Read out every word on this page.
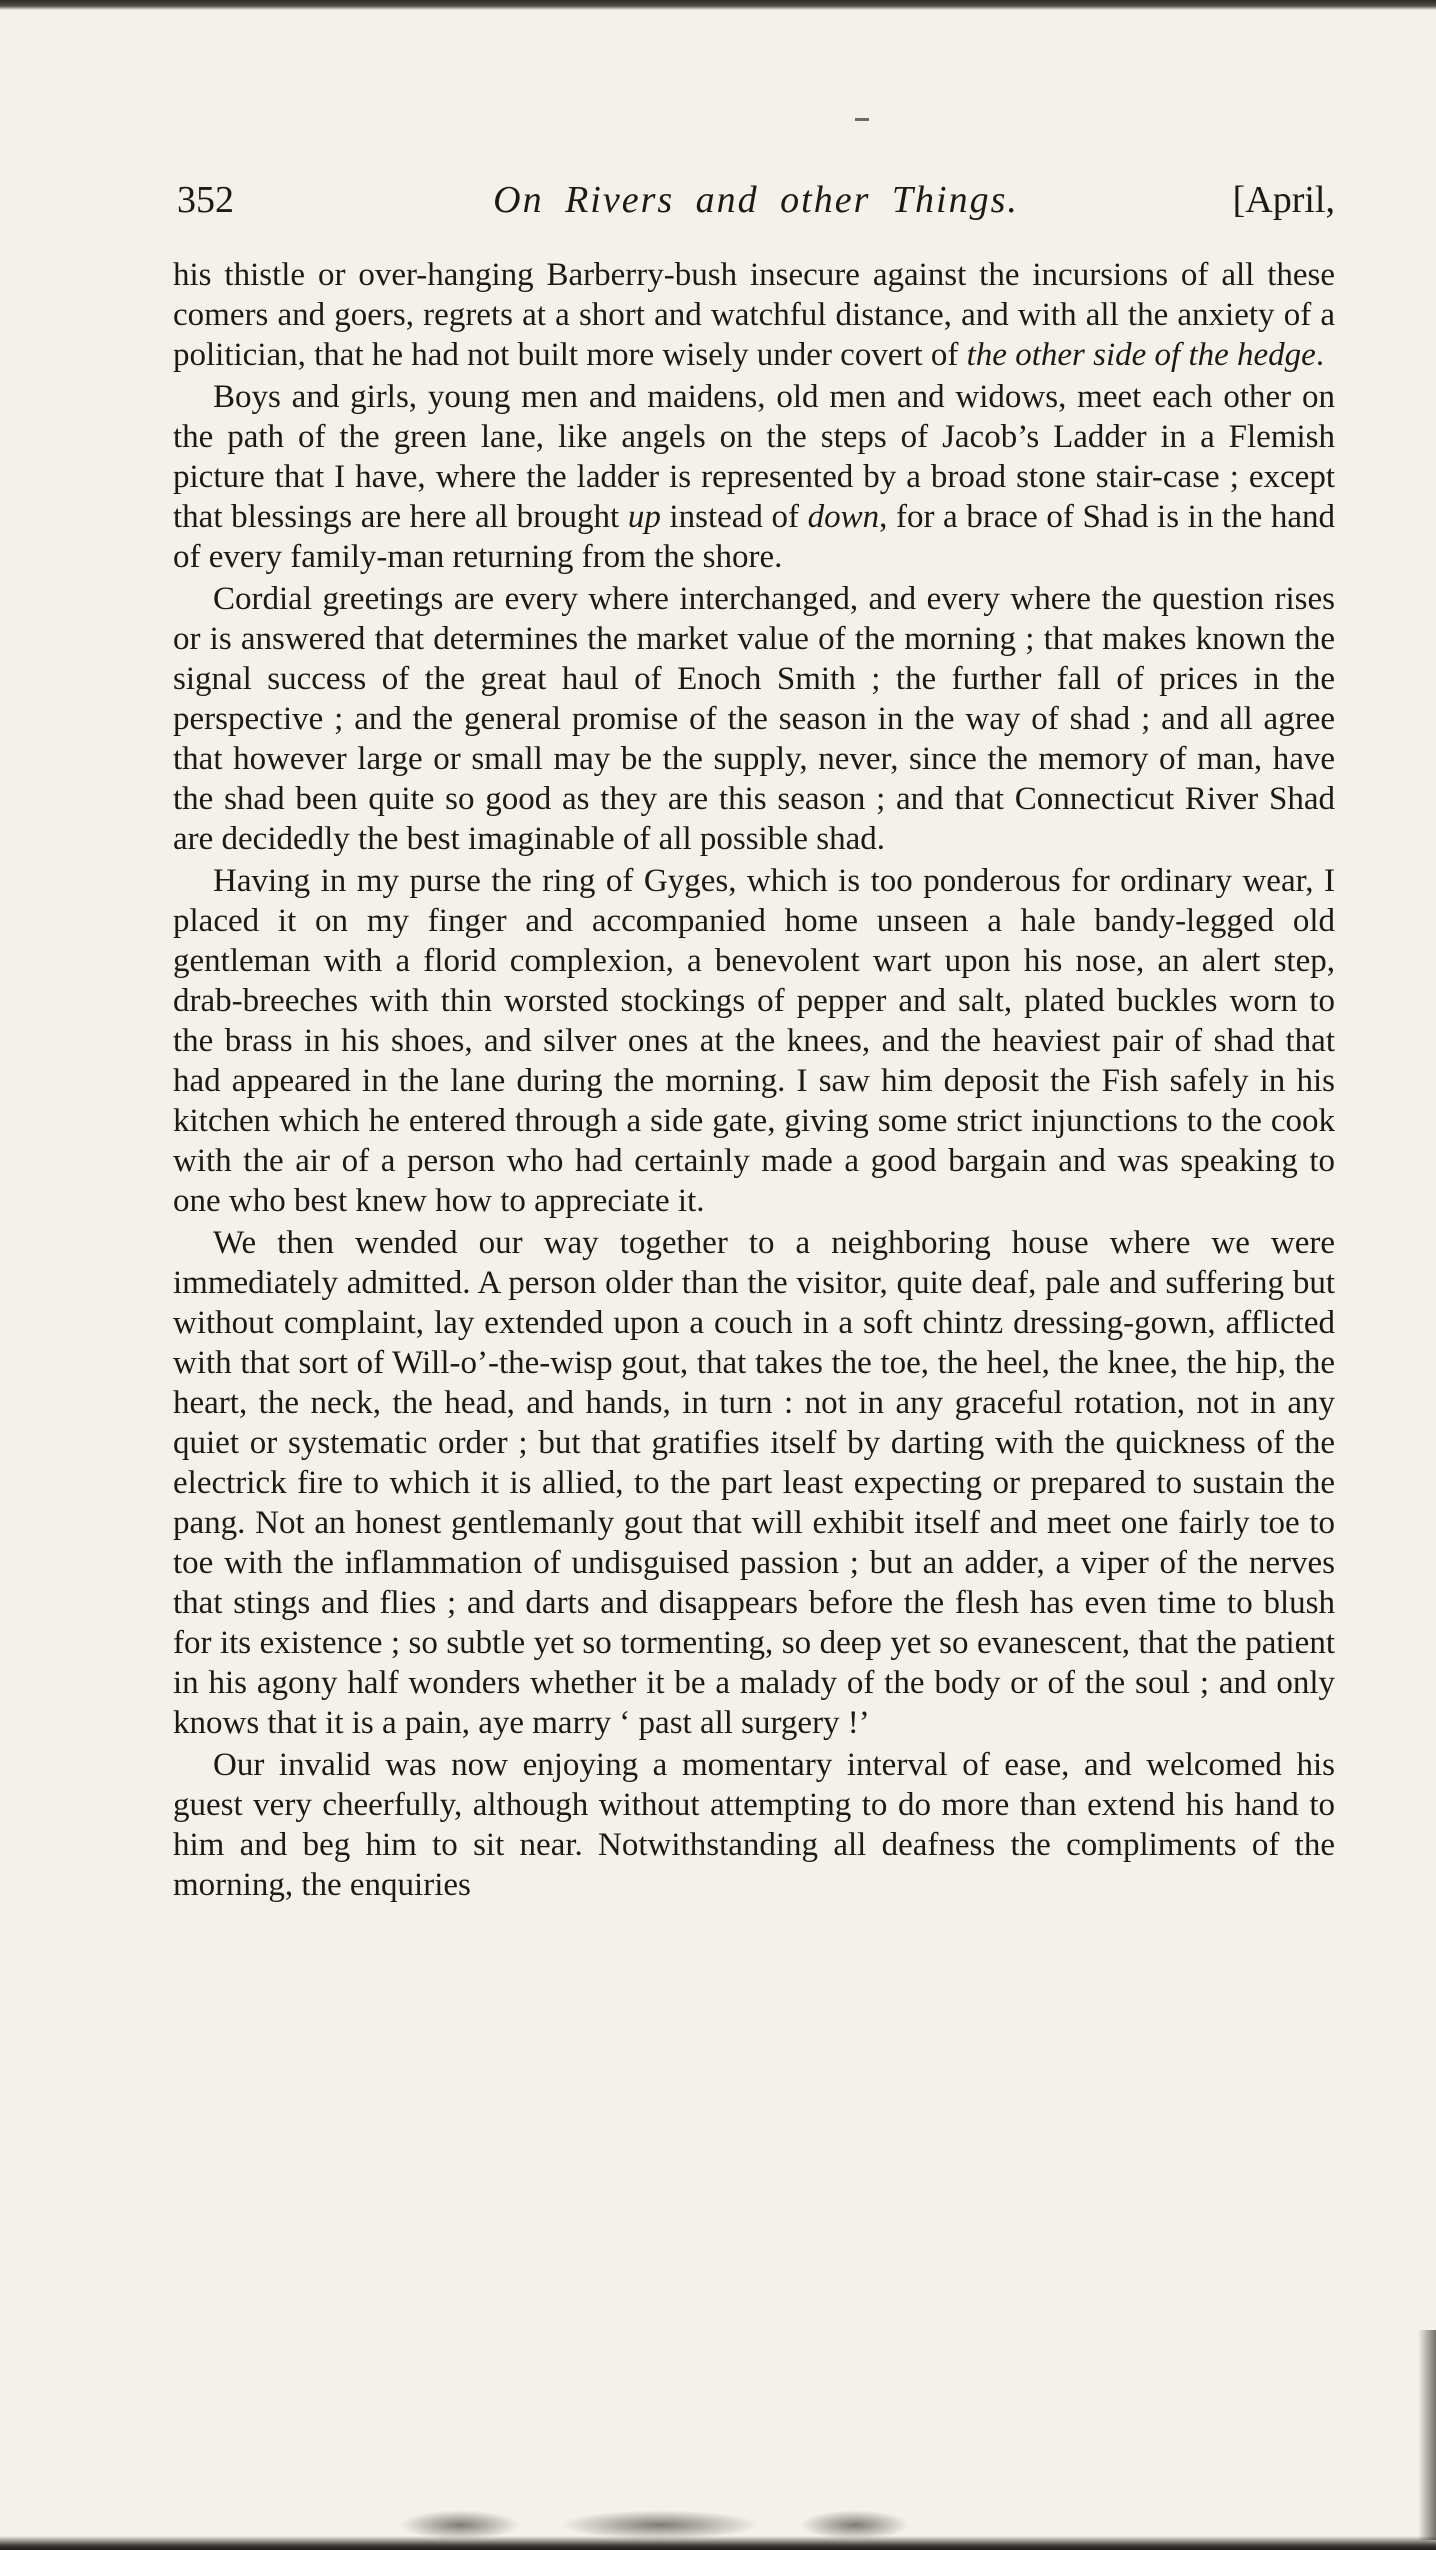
352	On Rivers and other Things.	[April,

his thistle or over-hanging Barberry-bush insecure against the incursions of all these comers and goers, regrets at a short and watchful distance, and with all the anxiety of a politician, that he had not built more wisely under covert of the other side of the hedge.

Boys and girls, young men and maidens, old men and widows, meet each other on the path of the green lane, like angels on the steps of Jacob’s Ladder in a Flemish picture that I have, where the ladder is represented by a broad stone stair-case ; except that blessings are here all brought up instead of down, for a brace of Shad is in the hand of every family-man returning from the shore.

Cordial greetings are every where interchanged, and every where the question rises or is answered that determines the market value of the morning ; that makes known the signal success of the great haul of Enoch Smith ; the further fall of prices in the perspective ; and the general promise of the season in the way of shad ; and all agree that however large or small may be the supply, never, since the memory of man, have the shad been quite so good as they are this season ; and that Connecticut River Shad are decidedly the best imaginable of all possible shad.

Having in my purse the ring of Gyges, which is too ponderous for ordinary wear, I placed it on my finger and accompanied home unseen a hale bandy-legged old gentleman with a florid complexion, a benevolent wart upon his nose, an alert step, drab-breeches with thin worsted stockings of pepper and salt, plated buckles worn to the brass in his shoes, and silver ones at the knees, and the heaviest pair of shad that had appeared in the lane during the morning. I saw him deposit the Fish safely in his kitchen which he entered through a side gate, giving some strict injunctions to the cook with the air of a person who had certainly made a good bargain and was speaking to one who best knew how to appreciate it.

We then wended our way together to a neighboring house where we were immediately admitted. A person older than the visitor, quite deaf, pale and suffering but without complaint, lay extended upon a couch in a soft chintz dressing-gown, afflicted with that sort of Will-o’-the-wisp gout, that takes the toe, the heel, the knee, the hip, the heart, the neck, the head, and hands, in turn : not in any graceful rotation, not in any quiet or systematic order ; but that gratifies itself by darting with the quickness of the electrick fire to which it is allied, to the part least expecting or prepared to sustain the pang. Not an honest gentlemanly gout that will exhibit itself and meet one fairly toe to toe with the inflammation of undisguised passion ; but an adder, a viper of the nerves that stings and flies ; and darts and disappears before the flesh has even time to blush for its existence ; so subtle yet so tormenting, so deep yet so evanescent, that the patient in his agony half wonders whether it be a malady of the body or of the soul ; and only knows that it is a pain, aye marry ‘ past all surgery !’

Our invalid was now enjoying a momentary interval of ease, and welcomed his guest very cheerfully, although without attempting to do more than extend his hand to him and beg him to sit near. Notwithstanding all deafness the compliments of the morning, the enquiries
